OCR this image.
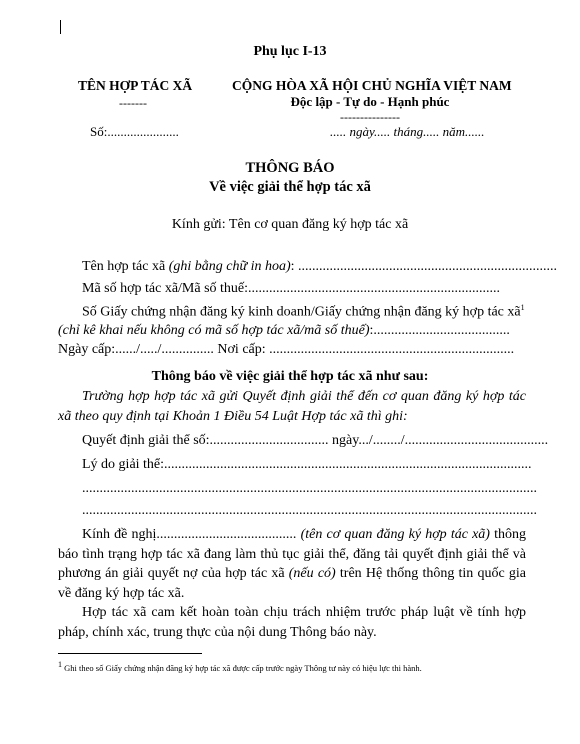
Phụ lục I-13
TÊN HỢP TÁC XÃ
-------
CỘNG HÒA XÃ HỘI CHỦ NGHĨA VIỆT NAM
Độc lập - Tự do - Hạnh phúc
---------------
Số:......................	..... ngày..... tháng..... năm......
THÔNG BÁO
Về việc giải thể hợp tác xã
Kính gửi: Tên cơ quan đăng ký hợp tác xã
Tên hợp tác xã (ghi bằng chữ in hoa): ..........................................................................
Mã số hợp tác xã/Mã số thuế:........................................................................
Số Giấy chứng nhận đăng ký kinh doanh/Giấy chứng nhận đăng ký hợp tác $xã^1$
(chỉ kê khai nếu không có mã số hợp tác xã/mã số thuế):.......................................
Ngày cấp:....../...../............... Nơi cấp: ......................................................................
Thông báo về việc giải thể hợp tác xã như sau:
Trường hợp hợp tác xã gửi Quyết định giải thể đến cơ quan đăng ký hợp tác xã theo quy định tại Khoản 1 Điều 54 Luật Hợp tác xã thì ghi:
Quyết định giải thể số:.................................. ngày.../......../.........................................
Lý do giải thể:.........................................................................................................
..................................................................................................................................
..................................................................................................................................
Kính đề nghị........................................ (tên cơ quan đăng ký hợp tác xã) thông báo tình trạng hợp tác xã đang làm thủ tục giải thể, đăng tải quyết định giải thể và phương án giải quyết nợ của hợp tác xã (nếu có) trên Hệ thống thông tin quốc gia về đăng ký hợp tác xã.
Hợp tác xã cam kết hoàn toàn chịu trách nhiệm trước pháp luật về tính hợp pháp, chính xác, trung thực của nội dung Thông báo này.
$^1$ Ghi theo số Giấy chứng nhận đăng ký hợp tác xã được cấp trước ngày Thông tư này có hiệu lực thi hành.
